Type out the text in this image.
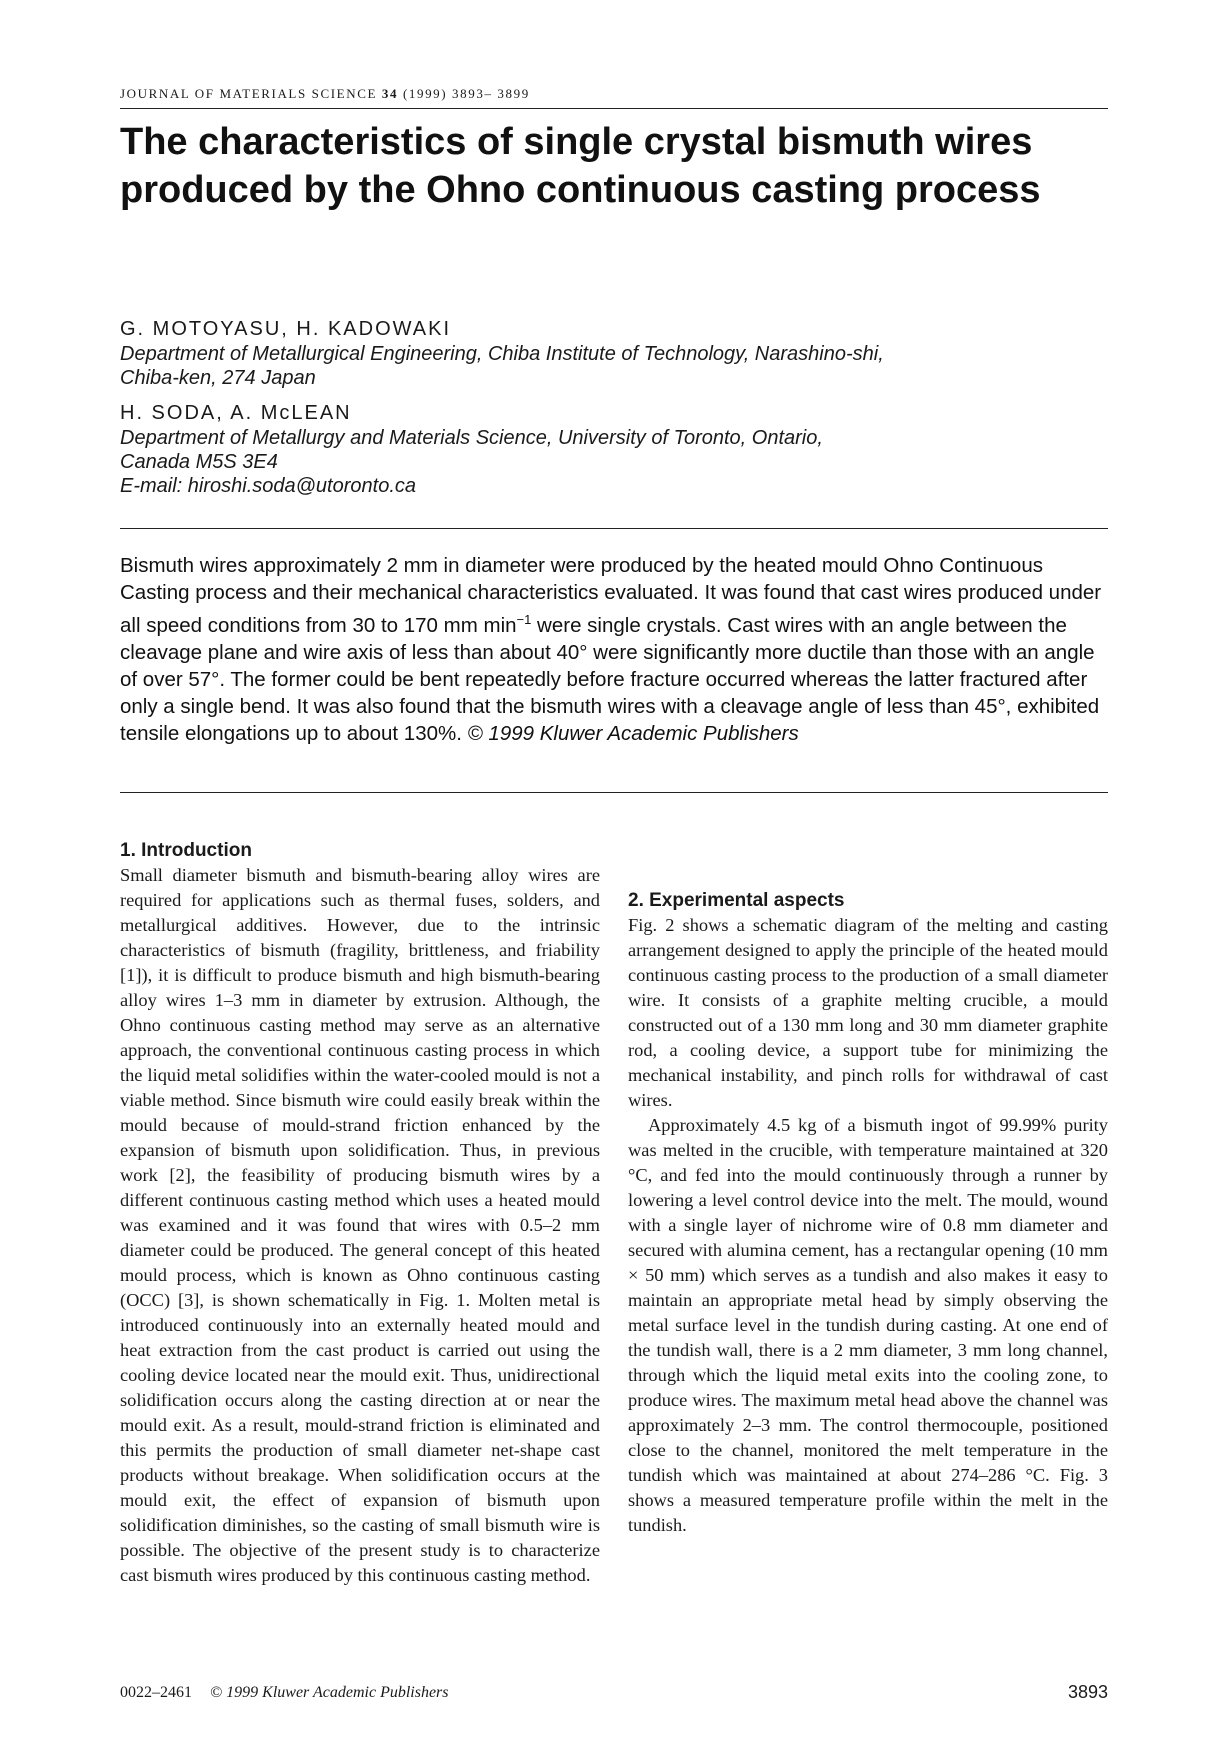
JOURNAL OF MATERIALS SCIENCE 34 (1999) 3893– 3899
The characteristics of single crystal bismuth wires produced by the Ohno continuous casting process
G. MOTOYASU, H. KADOWAKI
Department of Metallurgical Engineering, Chiba Institute of Technology, Narashino-shi,
Chiba-ken, 274 Japan
H. SODA, A. McLEAN
Department of Metallurgy and Materials Science, University of Toronto, Ontario,
Canada M5S 3E4
E-mail: hiroshi.soda@utoronto.ca

Bismuth wires approximately 2 mm in diameter were produced by the heated mould Ohno Continuous Casting process and their mechanical characteristics evaluated. It was found that cast wires produced under all speed conditions from 30 to 170 mm $\min^{-1}$ were single crystals. Cast wires with an angle between the cleavage plane and wire axis of less than about 40° were significantly more ductile than those with an angle of over 57°. The former could be bent repeatedly before fracture occurred whereas the latter fractured after only a single bend. It was also found that the bismuth wires with a cleavage angle of less than 45°, exhibited tensile elongations up to about 130%. © 1999 Kluwer Academic Publishers

1. Introduction

Small diameter bismuth and bismuth-bearing alloy wires are required for applications such as thermal fuses, solders, and metallurgical additives. However, due to the intrinsic characteristics of bismuth (fragility, brittleness, and friability [1]), it is difficult to produce bismuth and high bismuth-bearing alloy wires 1–3 mm in diameter by extrusion. Although, the Ohno continuous casting method may serve as an alternative approach, the conventional continuous casting process in which the liquid metal solidifies within the water-cooled mould is not a viable method. Since bismuth wire could easily break within the mould because of mould-strand friction enhanced by the expansion of bismuth upon solidification. Thus, in previous work [2], the feasibility of producing bismuth wires by a different continuous casting method which uses a heated mould was examined and it was found that wires with 0.5–2 mm diameter could be produced. The general concept of this heated mould process, which is known as Ohno continuous casting (OCC) [3], is shown schematically in Fig. 1. Molten metal is introduced continuously into an externally heated mould and heat extraction from the cast product is carried out using the cooling device located near the mould exit. Thus, unidirectional solidification occurs along the casting direction at or near the mould exit. As a result, mould-strand friction is eliminated and this permits the production of small diameter net-shape cast products without breakage. When solidification occurs at the mould exit, the effect of expansion of bismuth upon solidification diminishes, so the casting of small bismuth wire is possible. The objective of the present study is to characterize cast bismuth wires produced by this continuous casting method.

2. Experimental aspects

Fig. 2 shows a schematic diagram of the melting and casting arrangement designed to apply the principle of the heated mould continuous casting process to the production of a small diameter wire. It consists of a graphite melting crucible, a mould constructed out of a 130 mm long and 30 mm diameter graphite rod, a cooling device, a support tube for minimizing the mechanical instability, and pinch rolls for withdrawal of cast wires.

Approximately 4.5 kg of a bismuth ingot of 99.99% purity was melted in the crucible, with temperature maintained at 320 °C, and fed into the mould continuously through a runner by lowering a level control device into the melt. The mould, wound with a single layer of nichrome wire of 0.8 mm diameter and secured with alumina cement, has a rectangular opening (10 mm × 50 mm) which serves as a tundish and also makes it easy to maintain an appropriate metal head by simply observing the metal surface level in the tundish during casting. At one end of the tundish wall, there is a 2 mm diameter, 3 mm long channel, through which the liquid metal exits into the cooling zone, to produce wires. The maximum metal head above the channel was approximately 2–3 mm. The control thermocouple, positioned close to the channel, monitored the melt temperature in the tundish which was maintained at about 274–286 °C. Fig. 3 shows a measured temperature profile within the melt in the tundish.

0022–2461 © 1999 Kluwer Academic Publishers	3893
